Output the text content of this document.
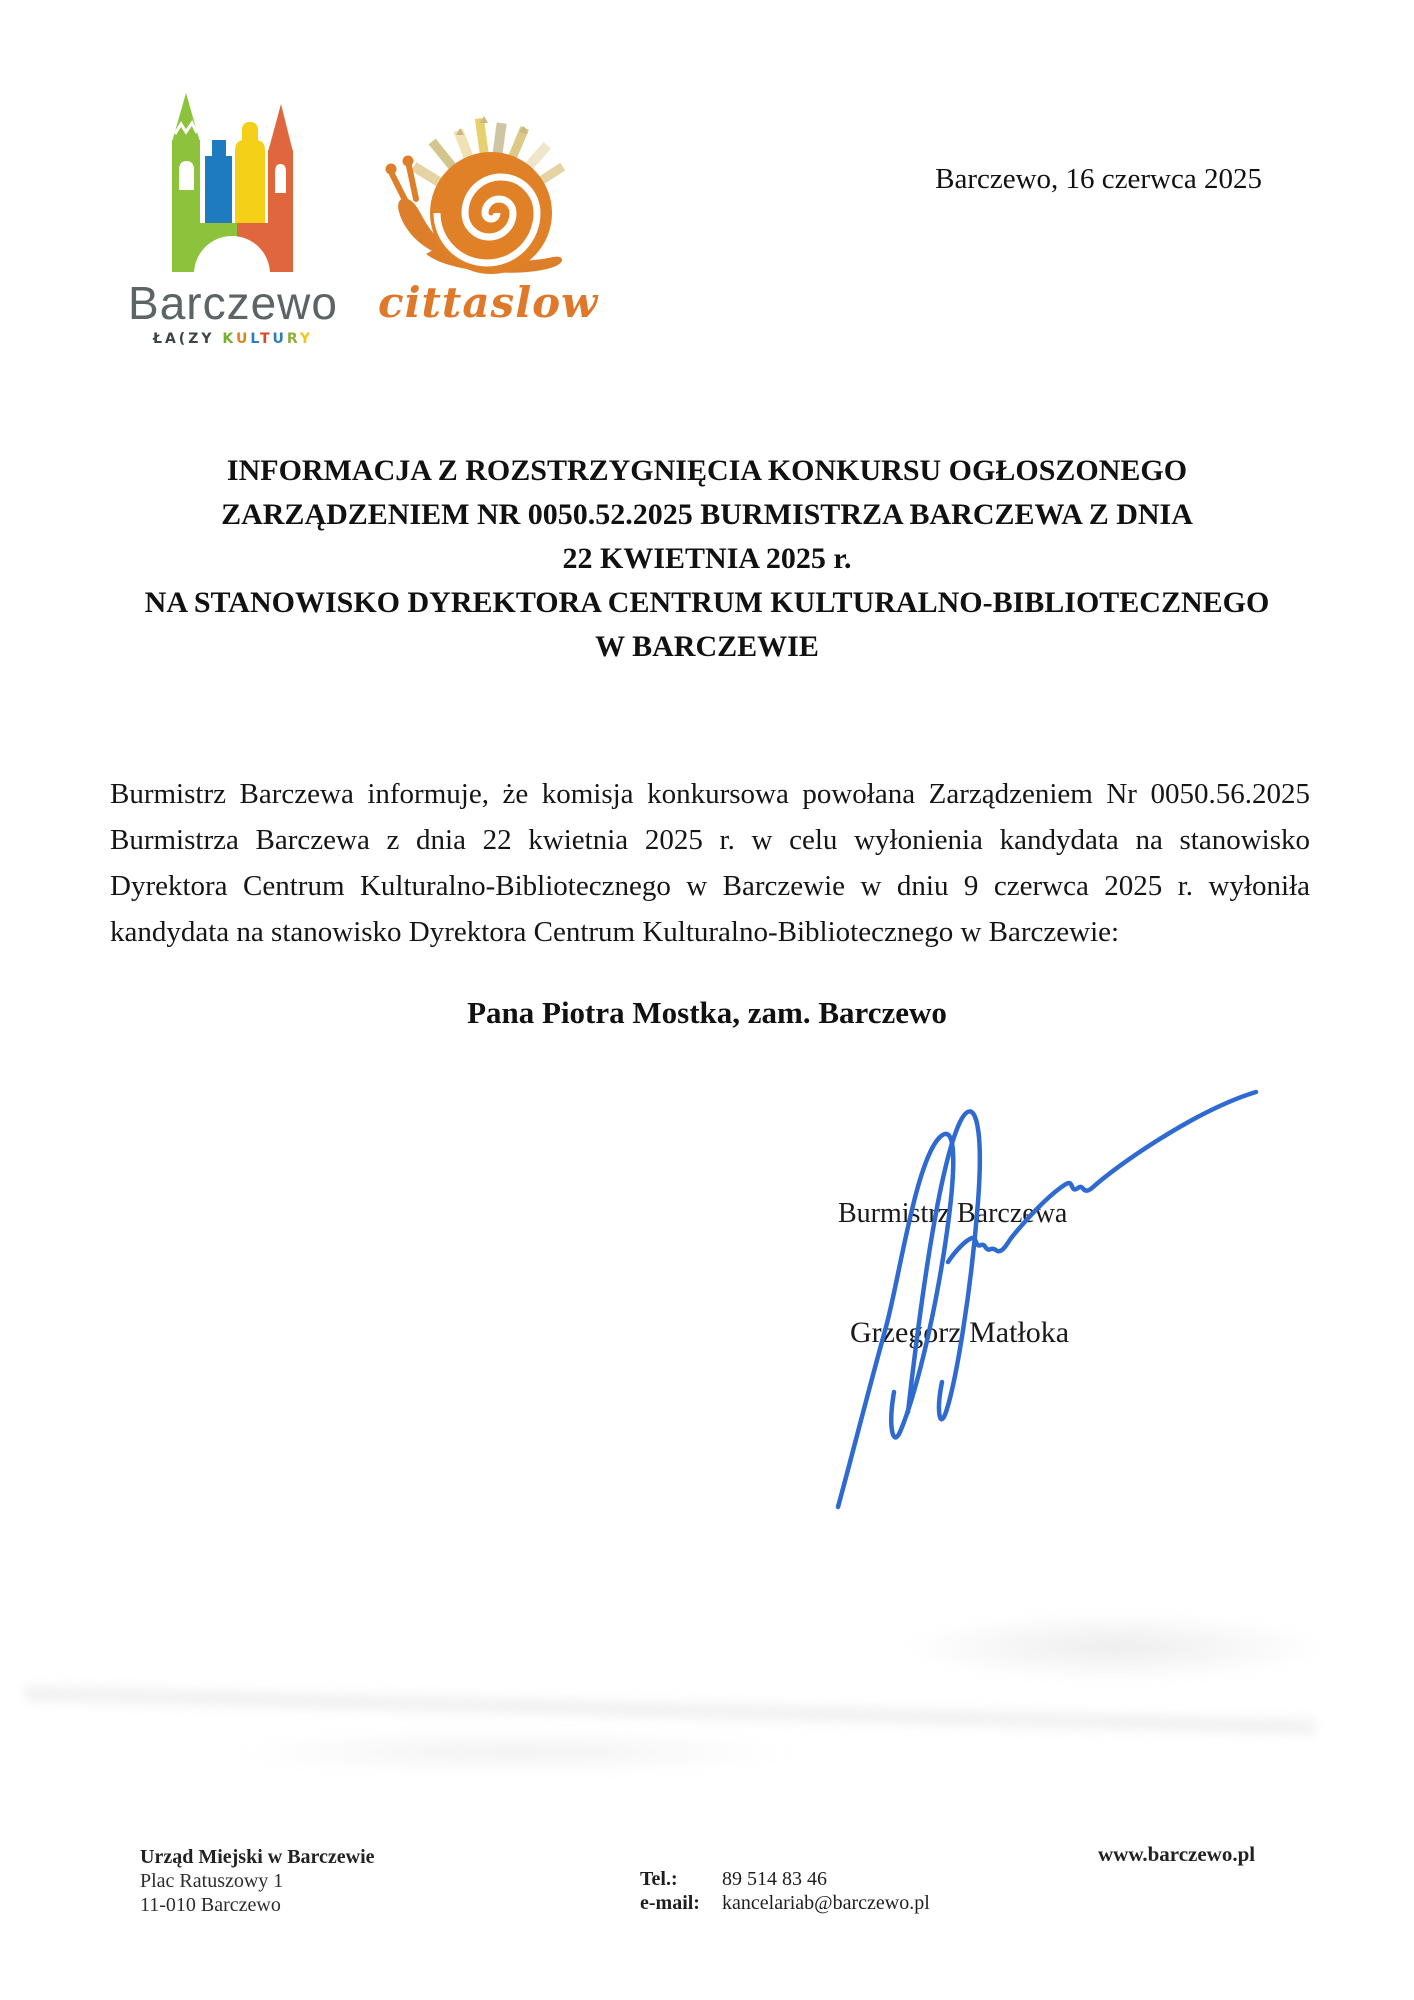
Barczewo
ŁA(ZY KULTURY
cittaslow
Barczewo, 16 czerwca 2025
INFORMACJA Z ROZSTRZYGNIĘCIA KONKURSU OGŁOSZONEGO
ZARZĄDZENIEM NR 0050.52.2025 BURMISTRZA BARCZEWA Z DNIA
22 KWIETNIA 2025 r.
NA STANOWISKO DYREKTORA CENTRUM KULTURALNO-BIBLIOTECZNEGO
W BARCZEWIE

Burmistrz Barczewa informuje, że komisja konkursowa powołana Zarządzeniem Nr 0050.56.2025 Burmistrza Barczewa z dnia 22 kwietnia 2025 r. w celu wyłonienia kandydata na stanowisko Dyrektora Centrum Kulturalno-Bibliotecznego w Barczewie w dniu 9 czerwca 2025 r. wyłoniła kandydata na stanowisko Dyrektora Centrum Kulturalno-Bibliotecznego w Barczewie:

Pana Piotra Mostka, zam. Barczewo
Burmistrz Barczewa
Grzegorz Matłoka
Urząd Miejski w Barczewie
Plac Ratuszowy 1
11-010 Barczewo
Tel.:	89 514 83 46
e-mail:	kancelariab@barczewo.pl
www.barczewo.pl
